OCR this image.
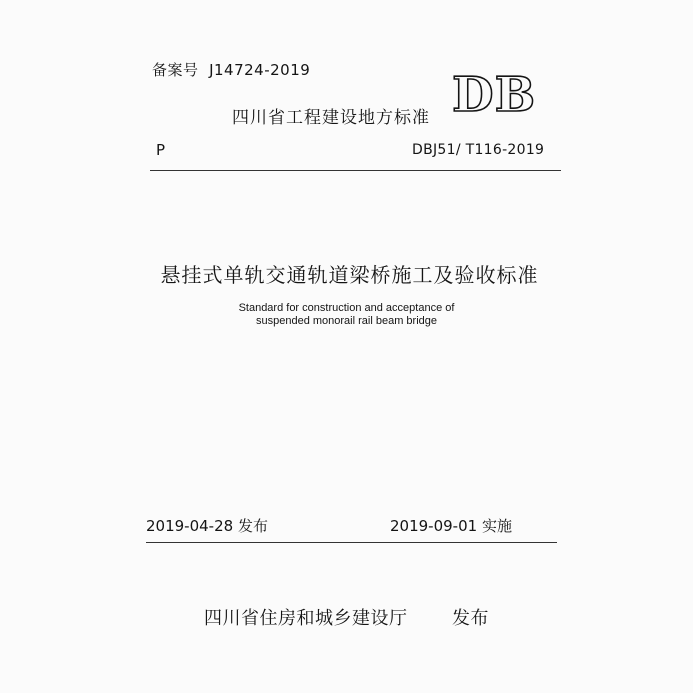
备案号 J14724-2019
四川省工程建设地方标准 DB
P	DBJ51/ T116-2019
悬挂式单轨交通轨道梁桥施工及验收标准
Standard for construction and acceptance of
suspended monorail rail beam bridge
2019-04-28 发布	2019-09-01 实施
四川省住房和城乡建设厅 发布
